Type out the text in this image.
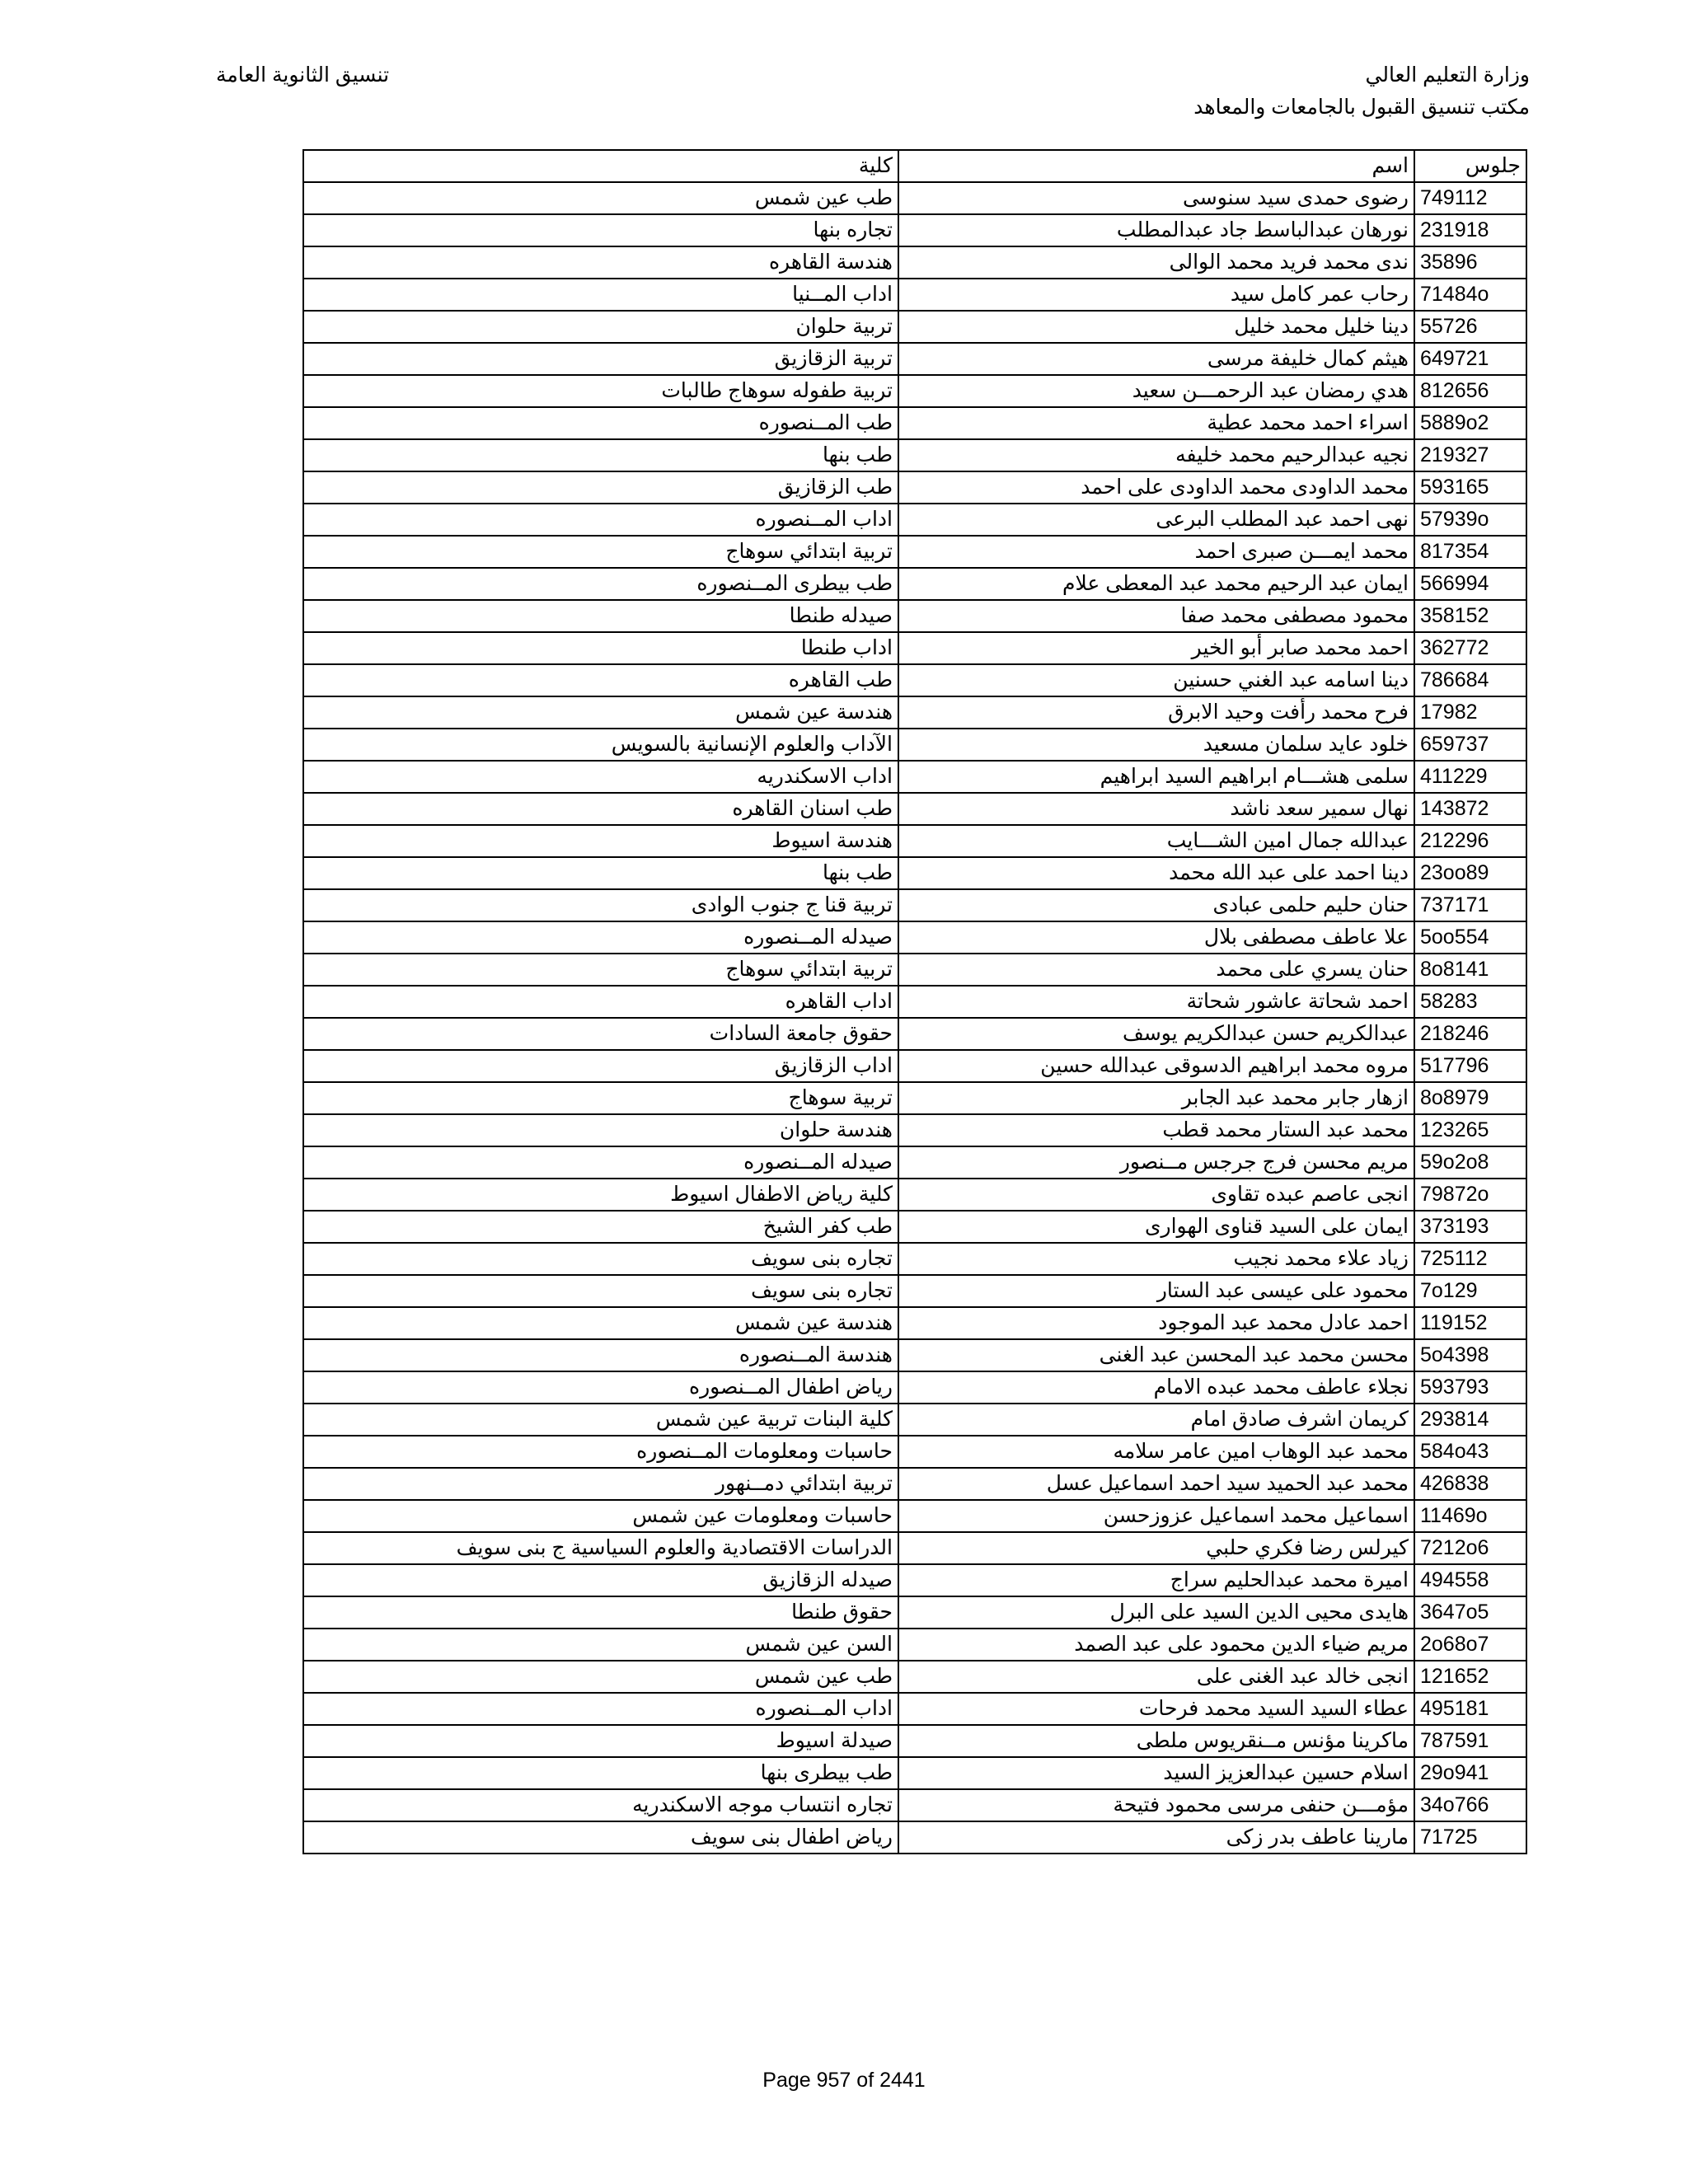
وزارة التعليم العالي
مكتب تنسيق القبول بالجامعات والمعاهد
تنسيق الثانوية العامة
جلوس	اسم	كلية
749112	رضوى حمدى سيد سنوسى	طب عين شمس
231918	نورهان عبدالباسط جاد عبدالمطلب	تجاره بنها
35896	ندى محمد فريد محمد الوالى	هندسة القاهره
71484o	رحاب عمر كامل سيد	اداب المــنيا
55726	دينا خليل محمد خليل	تربية حلوان
649721	هيثم كمال خليفة مرسى	تربية الزقازيق
812656	هدي رمضان عبد الرحمـــن سعيد	تربية طفوله سوهاج طالبات
5889o2	اسراء احمد محمد عطية	طب المــنصوره
219327	نجيه عبدالرحيم محمد خليفه	طب بنها
593165	محمد الداودى محمد الداودى على احمد	طب الزقازيق
57939o	نهى احمد عبد المطلب البرعى	اداب المــنصوره
817354	محمد ايمـــن صبرى احمد	تربية ابتدائي سوهاج
566994	ايمان عبد الرحيم محمد عبد المعطى علام	طب بيطرى المــنصوره
358152	محمود مصطفى محمد صفا	صيدله طنطا
362772	احمد محمد صابر أبو الخير	اداب طنطا
786684	دينا اسامه عبد الغني حسنين	طب القاهره
17982	فرح محمد رأفت وحيد الابرق	هندسة عين شمس
659737	خلود عايد سلمان مسعيد	الآداب والعلوم الإنسانية بالسويس
411229	سلمى هشـــام ابراهيم السيد ابراهيم	اداب الاسكندريه
143872	نهال سمير سعد ناشد	طب اسنان القاهره
212296	عبدالله جمال امين الشـــايب	هندسة اسيوط
23oo89	دينا احمد على عبد الله محمد	طب بنها
737171	حنان حليم حلمى عبادى	تربية قنا ج جنوب الوادى
5oo554	علا عاطف مصطفى بلال	صيدله المــنصوره
8o8141	حنان يسري على محمد	تربية ابتدائي سوهاج
58283	احمد شحاتة عاشور شحاتة	اداب القاهره
218246	عبدالكريم حسن عبدالكريم يوسف	حقوق جامعة السادات
517796	مروه محمد ابراهيم الدسوقى عبدالله حسين	اداب الزقازيق
8o8979	ازهار جابر محمد عبد الجابر	تربية سوهاج
123265	محمد عبد الستار محمد قطب	هندسة حلوان
59o2o8	مريم محسن فرج جرجس مــنصور	صيدله المــنصوره
79872o	انجى عاصم عبده تقاوى	كلية رياض الاطفال اسيوط
373193	ايمان على السيد قناوى الهوارى	طب كفر الشيخ
725112	زياد علاء محمد نجيب	تجاره بنى سويف
7o129	محمود على عيسى عبد الستار	تجاره بنى سويف
119152	احمد عادل محمد عبد الموجود	هندسة عين شمس
5o4398	محسن محمد عبد المحسن عبد الغنى	هندسة المــنصوره
593793	نجلاء عاطف محمد عبده الامام	رياض اطفال المــنصوره
293814	كريمان اشرف صادق امام	كلية البنات تربية عين شمس
584o43	محمد عبد الوهاب امين عامر سلامه	حاسبات ومعلومات المــنصوره
426838	محمد عبد الحميد سيد احمد اسماعيل عسل	تربية ابتدائي دمــنهور
11469o	اسماعيل محمد اسماعيل عزوزحسن	حاسبات ومعلومات عين شمس
7212o6	كيرلس رضا فكري حلبي	الدراسات الاقتصادية والعلوم السياسية ج بنى سويف
494558	اميرة محمد عبدالحليم سراج	صيدله الزقازيق
3647o5	هايدى محيى الدين السيد على البرل	حقوق طنطا
2o68o7	مريم ضياء الدين محمود على عبد الصمد	السن عين شمس
121652	انجى خالد عبد الغنى على	طب عين شمس
495181	عطاء السيد السيد محمد فرحات	اداب المــنصوره
787591	ماكرينا مؤنس مــنقريوس ملطى	صيدلة اسيوط
29o941	اسلام حسين عبدالعزيز السيد	طب بيطرى بنها
34o766	مؤمـــن حنفى مرسى محمود فتيحة	تجاره انتساب موجه الاسكندريه
71725	مارينا عاطف بدر زكى	رياض اطفال بنى سويف
Page 957 of 2441
